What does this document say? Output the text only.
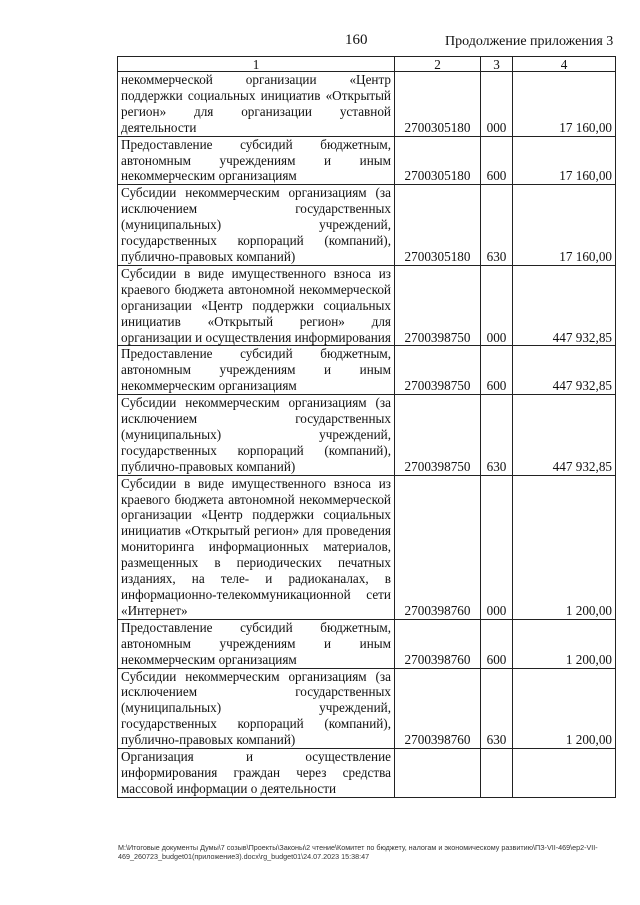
160	Продолжение приложения 3
1	2	3	4
некоммерческой организации «Центр поддержки социальных инициатив «Открытый регион» для организации уставной деятельности	2700305180	000	17 160,00
Предоставление субсидий бюджетным, автономным учреждениям и иным некоммерческим организациям	2700305180	600	17 160,00
Субсидии некоммерческим организациям (за исключением государственных (муниципальных) учреждений, государственных корпораций (компаний), публично-правовых компаний)	2700305180	630	17 160,00
Субсидии в виде имущественного взноса из краевого бюджета автономной некоммерческой организации «Центр поддержки социальных инициатив «Открытый регион» для организации и осуществления информирования	2700398750	000	447 932,85
Предоставление субсидий бюджетным, автономным учреждениям и иным некоммерческим организациям	2700398750	600	447 932,85
Субсидии некоммерческим организациям (за исключением государственных (муниципальных) учреждений, государственных корпораций (компаний), публично-правовых компаний)	2700398750	630	447 932,85
Субсидии в виде имущественного взноса из краевого бюджета автономной некоммерческой организации «Центр поддержки социальных инициатив «Открытый регион» для проведения мониторинга информационных материалов, размещенных в периодических печатных изданиях, на теле- и радиоканалах, в информационно-телекоммуникационной сети «Интернет»	2700398760	000	1 200,00
Предоставление субсидий бюджетным, автономным учреждениям и иным некоммерческим организациям	2700398760	600	1 200,00
Субсидии некоммерческим организациям (за исключением государственных (муниципальных) учреждений, государственных корпораций (компаний), публично-правовых компаний)	2700398760	630	1 200,00
Организация и осуществление информирования граждан через средства массовой информации о деятельности			
M:\Итоговые документы Думы\7 созыв\Проекты\Законы\2 чтение\Комитет по бюджету, налогам и экономическому развитию\ПЗ-VII-469\ep2-VII-469_260723_budget01(приложение3).docx\rg_budget01\24.07.2023 15:38:47
